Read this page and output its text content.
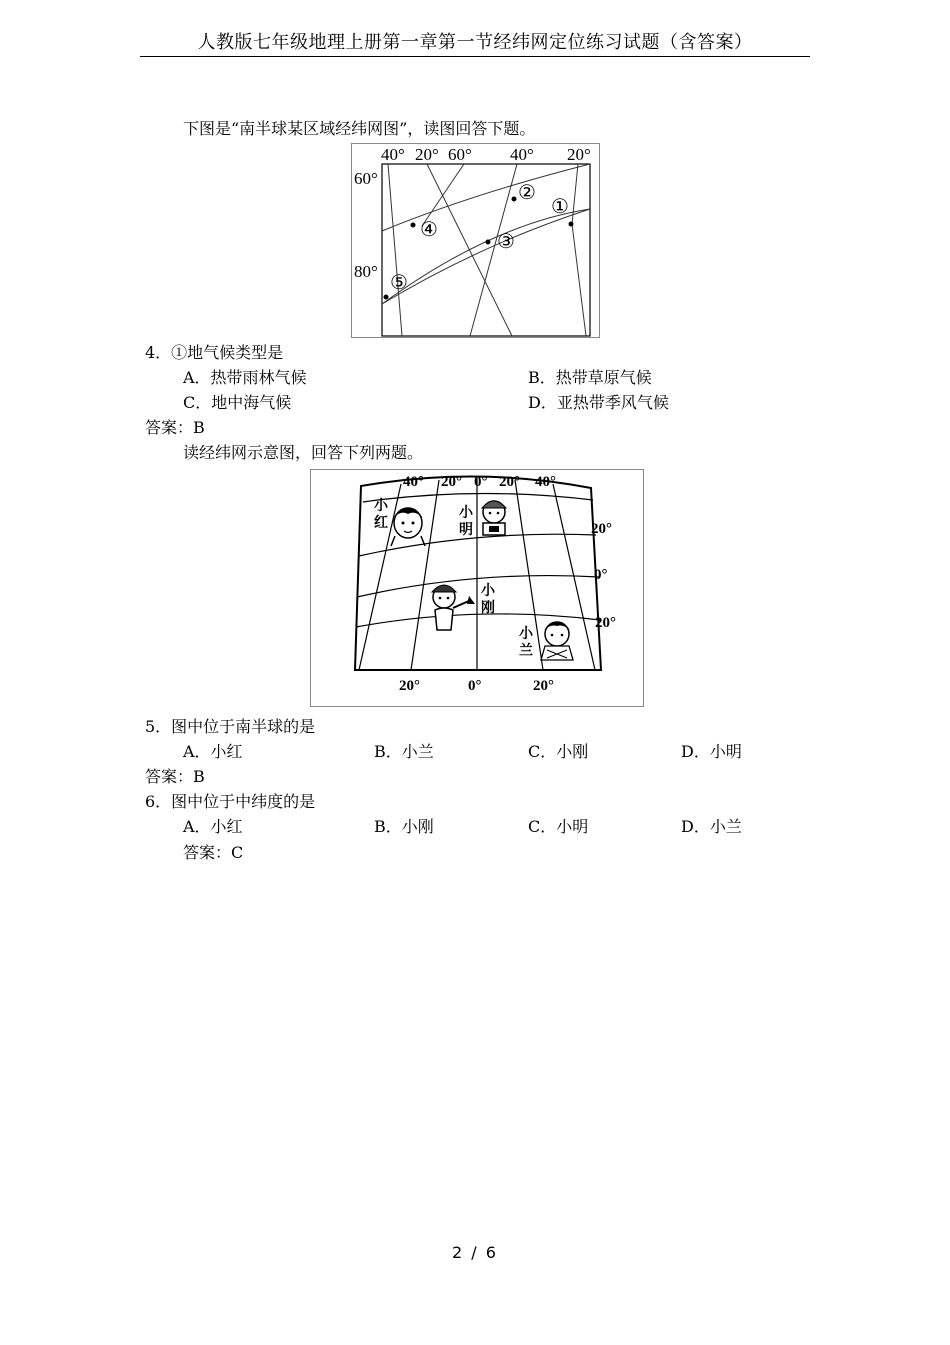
人教版七年级地理上册第一章第一节经纬网定位练习试题（含答案）
下图是“南半球某区域经纬网图”，读图回答下题。
40° 20° 60° 40° 20°
60°
80°
①
②
③
④
⑤
4．①地气候类型是
A．热带雨林气候	B．热带草原气候
C．地中海气候	D．亚热带季风气候
答案：B
读经纬网示意图，回答下列两题。
40° 20° 0° 20° 40°
20°
0°
20°
20°	0°	20°
小
红
小
明
小
刚
小
兰
5．图中位于南半球的是
A．小红	B．小兰	C．小刚	D．小明
答案：B
6．图中位于中纬度的是
A．小红	B．小刚	C．小明	D．小兰
答案：C
2 / 6
